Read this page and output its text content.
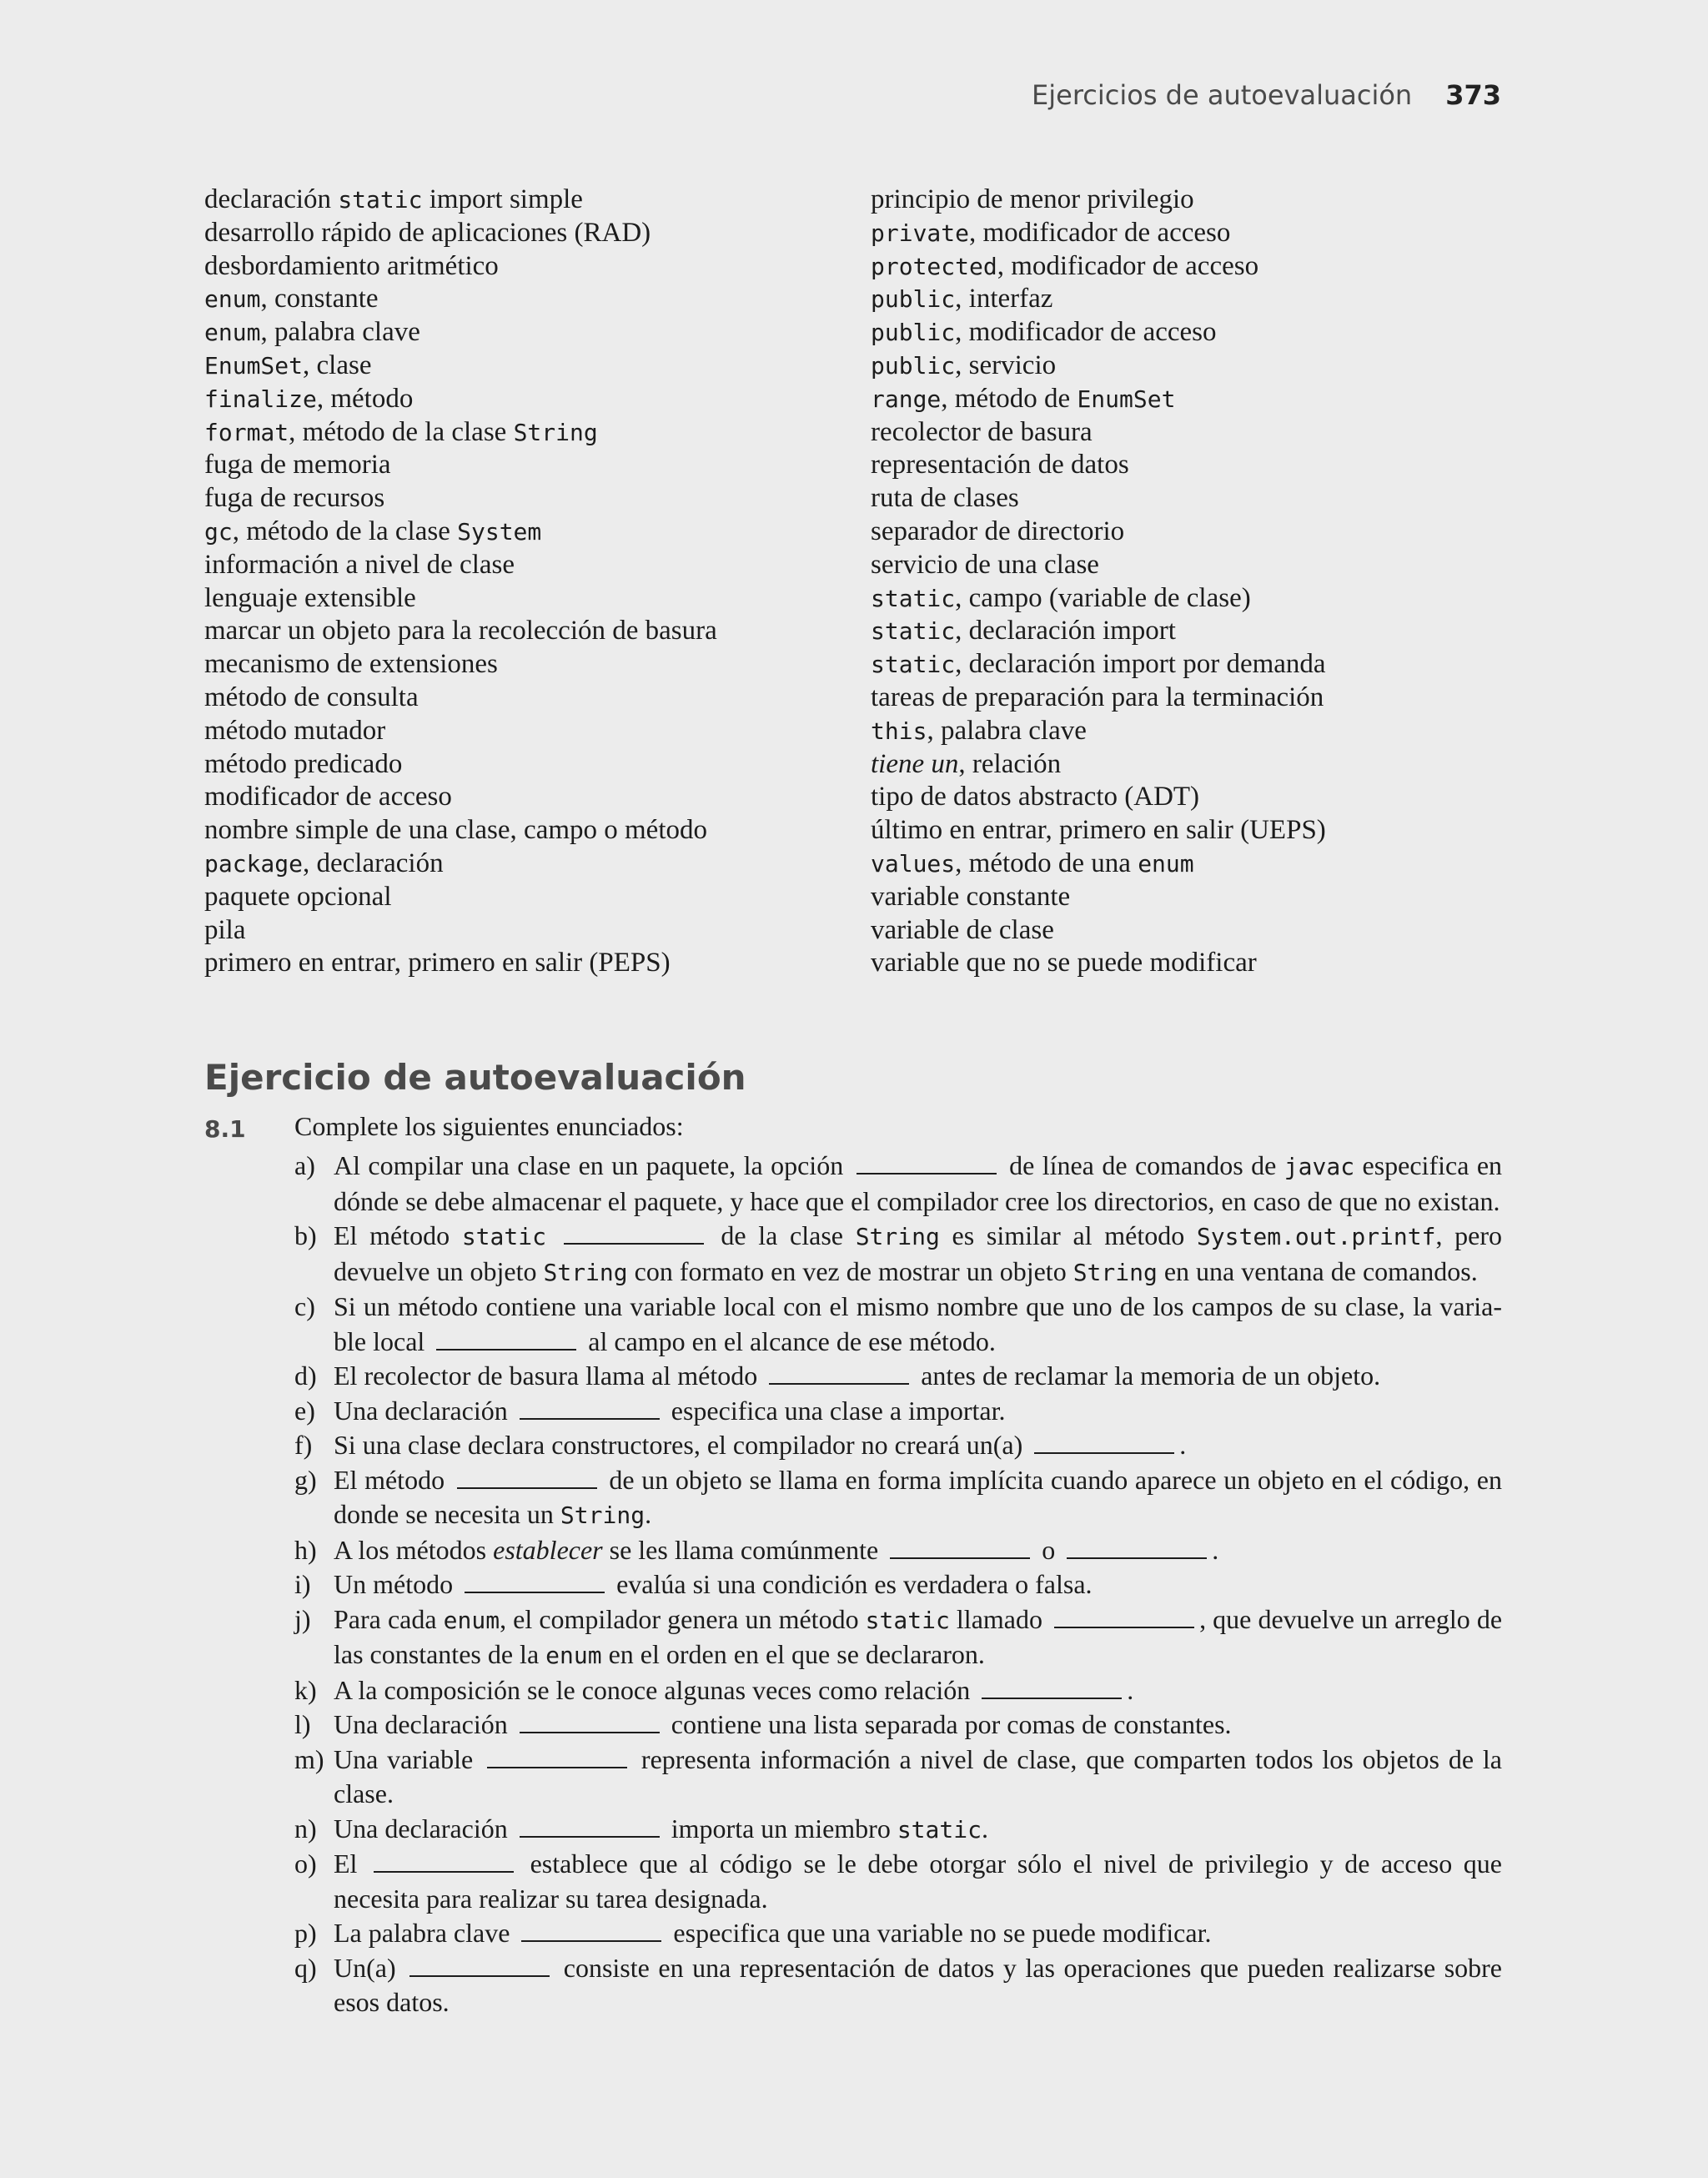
Ejercicios de autoevaluación 373
declaración static import simple
desarrollo rápido de aplicaciones (RAD)
desbordamiento aritmético
enum, constante
enum, palabra clave
EnumSet, clase
finalize, método
format, método de la clase String
fuga de memoria
fuga de recursos
gc, método de la clase System
información a nivel de clase
lenguaje extensible
marcar un objeto para la recolección de basura
mecanismo de extensiones
método de consulta
método mutador
método predicado
modificador de acceso
nombre simple de una clase, campo o método
package, declaración
paquete opcional
pila
primero en entrar, primero en salir (PEPS)
principio de menor privilegio
private, modificador de acceso
protected, modificador de acceso
public, interfaz
public, modificador de acceso
public, servicio
range, método de EnumSet
recolector de basura
representación de datos
ruta de clases
separador de directorio
servicio de una clase
static, campo (variable de clase)
static, declaración import
static, declaración import por demanda
tareas de preparación para la terminación
this, palabra clave
tiene un, relación
tipo de datos abstracto (ADT)
último en entrar, primero en salir (UEPS)
values, método de una enum
variable constante
variable de clase
variable que no se puede modificar
Ejercicio de autoevaluación
8.1 Complete los siguientes enunciados:
a) Al compilar una clase en un paquete, la opción	de línea de comandos de javac especifica en dónde se debe almacenar el paquete, y hace que el compilador cree los directorios, en caso de que no existan.
b) El método static	de la clase String es similar al método System.out.printf, pero devuelve un objeto String con formato en vez de mostrar un objeto String en una ventana de comandos.
c) Si un método contiene una variable local con el mismo nombre que uno de los campos de su clase, la variable local	al campo en el alcance de ese método.
d) El recolector de basura llama al método	antes de reclamar la memoria de un objeto.
e) Una declaración	especifica una clase a importar.
f) Si una clase declara constructores, el compilador no creará un(a)	.
g) El método	de un objeto se llama en forma implícita cuando aparece un objeto en el código, en donde se necesita un String.
h) A los métodos establecer se les llama comúnmente	o	.
i) Un método	evalúa si una condición es verdadera o falsa.
j) Para cada enum, el compilador genera un método static llamado	, que devuelve un arreglo de las constantes de la enum en el orden en el que se declararon.
k) A la composición se le conoce algunas veces como relación	.
l) Una declaración	contiene una lista separada por comas de constantes.
m) Una variable	representa información a nivel de clase, que comparten todos los objetos de la clase.
n) Una declaración	importa un miembro static.
o) El	establece que al código se le debe otorgar sólo el nivel de privilegio y de acceso que necesita para realizar su tarea designada.
p) La palabra clave	especifica que una variable no se puede modificar.
q) Un(a)	consiste en una representación de datos y las operaciones que pueden realizarse sobre esos datos.
